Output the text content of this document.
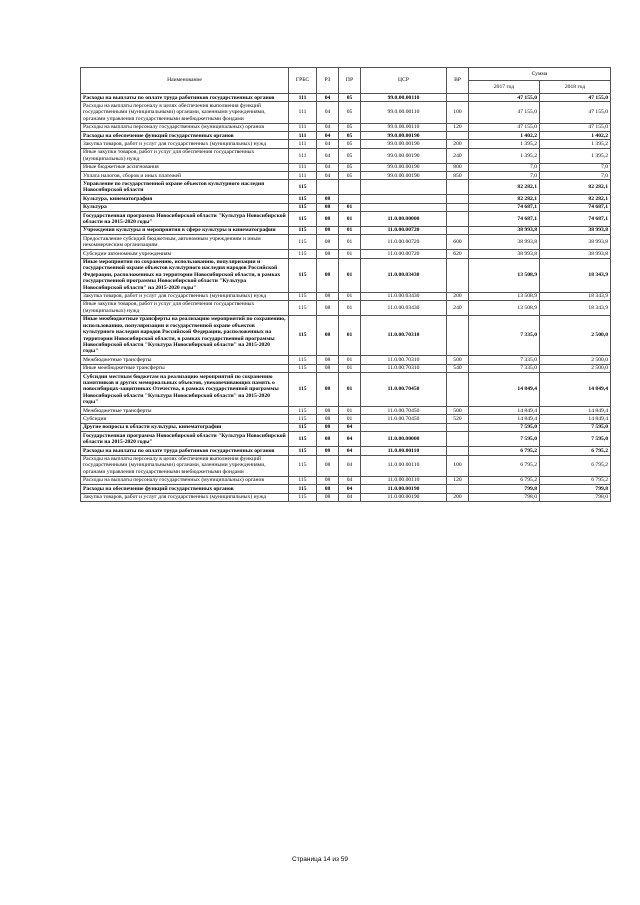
Наименование	ГРБС	РЗ	ПР	ЦСР	ВР	Сумма	
						2017 год	2018 год
Расходы на выплаты по оплате труда работников государственных органов	111	04	05	99.0.00.00110		47 155,0	47 155,0
Расходы на выплаты персоналу в целях обеспечения выполнения функций государственными (муниципальными) органами, казенными учреждениями, органами управления государственными внебюджетными фондами	111	04	05	99.0.00.00110	100	47 155,0	47 155,0
Расходы на выплаты персоналу государственных (муниципальных) органов	111	04	05	99.0.00.00110	120	47 155,0	47 155,0
Расходы на обеспечение функций государственных органов	111	04	05	99.0.00.00190		1 402,2	1 402,2
Закупка товаров, работ и услуг для государственных (муниципальных) нужд	111	04	05	99.0.00.00190	200	1 395,2	1 395,2
Иные закупки товаров, работ и услуг для обеспечения государственных (муниципальных) нужд	111	04	05	99.0.00.00190	240	1 395,2	1 395,2
Иные бюджетные ассигнования	111	04	05	99.0.00.00190	800	7,0	7,0
Уплата налогов, сборов и иных платежей	111	04	05	99.0.00.00190	850	7,0	7,0
Управление по государственной охране объектов культурного наследия Новосибирской области	115					82 282,1	82 282,1
Культура, кинематография	115	08				82 282,1	82 282,1
Культура	115	08	01			74 687,1	74 687,1
Государственная программа Новосибирской области "Культура Новосибирской области на 2015-2020 годы"	115	08	01	11.0.00.00000		74 687,1	74 687,1
Учреждения культуры и мероприятия в сфере культуры и кинематографии	115	08	01	11.0.00.00720		38 993,8	38 993,8
Предоставление субсидий бюджетным, автономным учреждениям и иным некоммерческим организациям	115	08	01	11.0.00.00720	600	38 993,8	38 993,8
Субсидии автономным учреждениям	115	08	01	11.0.00.00720	620	38 993,8	38 993,8
Иные мероприятия по сохранению, использованию, популяризации и государственной охране объектов культурного наследия народов Российской Федерации, расположенных на территории Новосибирской области, в рамках государственной программы Новосибирской области "Культура Новосибирской области" на 2015-2020 годы"	115	08	01	11.0.00.03430		13 508,9	18 343,9
Закупка товаров, работ и услуг для государственных (муниципальных) нужд	115	08	01	11.0.00.03430	200	13 508,9	18 343,9
Иные закупки товаров, работ и услуг для обеспечения государственных (муниципальных) нужд	115	08	01	11.0.00.03430	240	13 508,9	18 343,9
Иные межбюджетные трансферты на реализацию мероприятий по сохранению, использованию, популяризации и государственной охране объектов культурного наследия народов Российской Федерации, расположенных на территории Новосибирской области, в рамках государственной программы Новосибирской области "Культура Новосибирской области" на 2015-2020 годы"	115	08	01	11.0.00.70310		7 335,0	2 500,0
Межбюджетные трансферты	115	08	01	11.0.00.70310	500	7 335,0	2 500,0
Иные межбюджетные трансферты	115	08	01	11.0.00.70310	540	7 335,0	2 500,0
Субсидии местным бюджетам на реализацию мероприятий по сохранению памятников и других мемориальных объектов, увековечивающих память о новосибирцах-защитниках Отечества, в рамках государственной программы Новосибирской области "Культура Новосибирской области" на 2015-2020 годы"	115	08	01	11.0.00.70450		14 849,4	14 849,4
Межбюджетные трансферты	115	08	01	11.0.00.70450	500	14 849,4	14 849,4
Субсидии	115	08	01	11.0.00.70450	520	14 849,4	14 849,4
Другие вопросы в области культуры, кинематографии	115	08	04			7 595,0	7 595,0
Государственная программа Новосибирской области "Культура Новосибирской области на 2015-2020 годы"	115	08	04	11.0.00.00000		7 595,0	7 595,0
Расходы на выплаты по оплате труда работников государственных органов	115	08	04	11.0.00.00110		6 795,2	6 795,2
Расходы на выплаты персоналу в целях обеспечения выполнения функций государственными (муниципальными) органами, казенными учреждениями, органами управления государственными внебюджетными фондами	115	08	04	11.0.00.00110	100	6 795,2	6 795,2
Расходы на выплаты персоналу государственных (муниципальных) органов	115	08	04	11.0.00.00110	120	6 795,2	6 795,2
Расходы на обеспечение функций государственных органов	115	08	04	11.0.00.00190		799,8	799,8
Закупка товаров, работ и услуг для государственных (муниципальных) нужд	115	08	04	11.0.00.00190	200	798,0	798,0
Страница 14 из 59
